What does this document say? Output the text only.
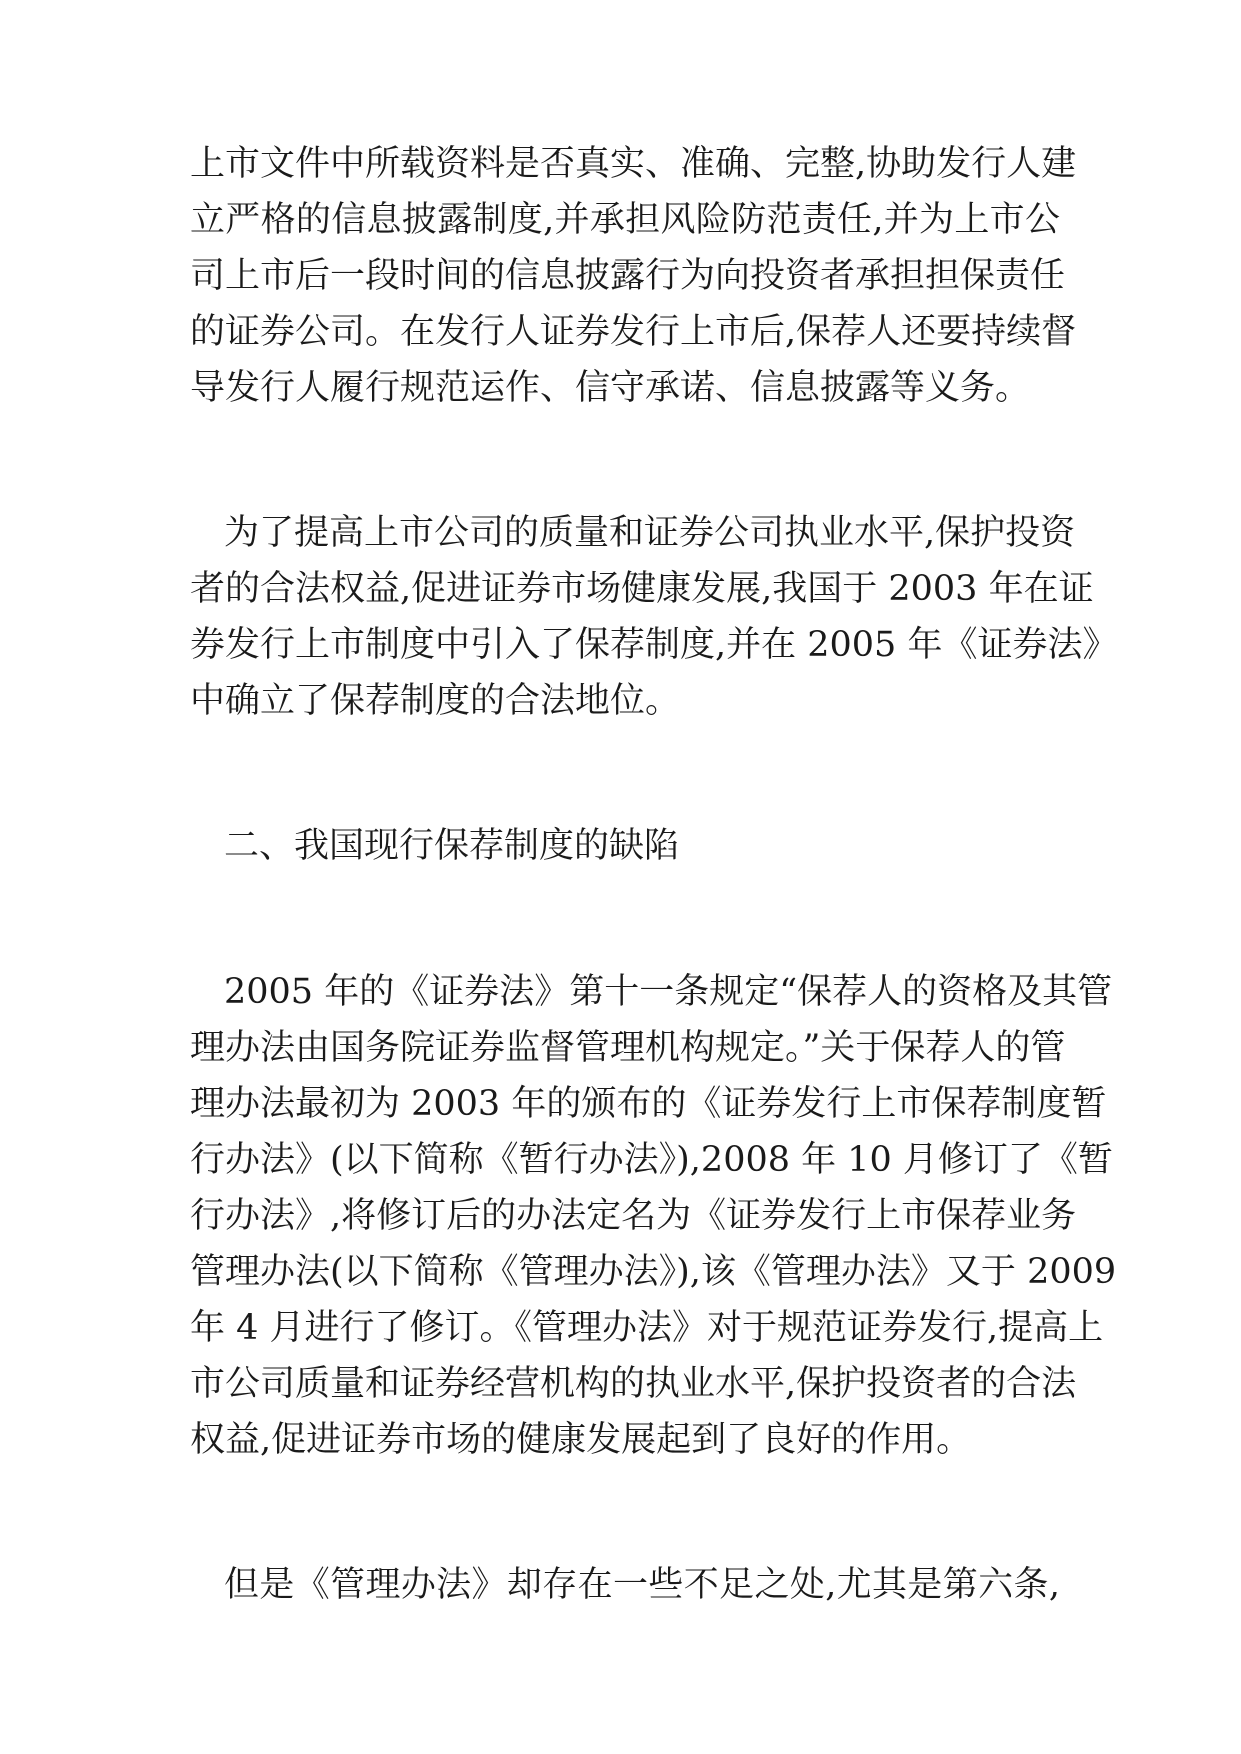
上市文件中所载资料是否真实、准确、完整,协助发行人建

立严格的信息披露制度,并承担风险防范责任,并为上市公

司上市后一段时间的信息披露行为向投资者承担担保责任

的证券公司。在发行人证券发行上市后,保荐人还要持续督

导发行人履行规范运作、信守承诺、信息披露等义务。

为了提高上市公司的质量和证券公司执业水平,保护投资

者的合法权益,促进证券市场健康发展,我国于 2003 年在证

券发行上市制度中引入了保荐制度,并在 2005 年《证券法》

中确立了保荐制度的合法地位。

二、我国现行保荐制度的缺陷

2005 年的《证券法》第十一条规定“保荐人的资格及其管

理办法由国务院证券监督管理机构规定。”关于保荐人的管

理办法最初为 2003 年的颁布的《证券发行上市保荐制度暂

行办法》(以下简称《暂行办法》),2008 年 10 月修订了《暂

行办法》,将修订后的办法定名为《证券发行上市保荐业务

管理办法(以下简称《管理办法》),该《管理办法》又于 2009

年 4 月进行了修订。《管理办法》对于规范证券发行,提高上

市公司质量和证券经营机构的执业水平,保护投资者的合法

权益,促进证券市场的健康发展起到了良好的作用。

但是《管理办法》却存在一些不足之处,尤其是第六条,
